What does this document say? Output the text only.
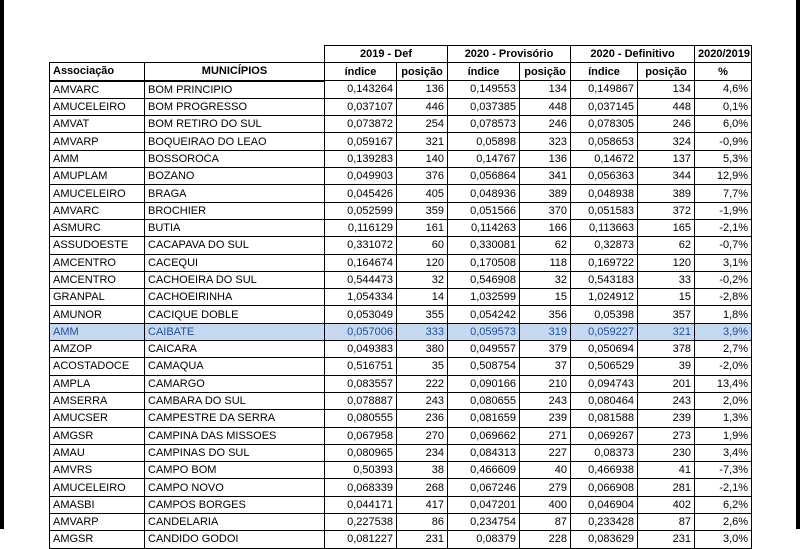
		2019 - Def		2020 - Provisório		2020 - Definitivo		2020/2019
Associação	MUNICÍPIOS	índice	posição	índice	posição	índice	posição	%
AMVARC	BOM PRINCIPIO	0,143264	136	0,149553	134	0,149867	134	4,6%
AMUCELEIRO	BOM PROGRESSO	0,037107	446	0,037385	448	0,037145	448	0,1%
AMVAT	BOM RETIRO DO SUL	0,073872	254	0,078573	246	0,078305	246	6,0%
AMVARP	BOQUEIRAO DO LEAO	0,059167	321	0,05898	323	0,058653	324	-0,9%
AMM	BOSSOROCA	0,139283	140	0,14767	136	0,14672	137	5,3%
AMUPLAM	BOZANO	0,049903	376	0,056864	341	0,056363	344	12,9%
AMUCELEIRO	BRAGA	0,045426	405	0,048936	389	0,048938	389	7,7%
AMVARC	BROCHIER	0,052599	359	0,051566	370	0,051583	372	-1,9%
ASMURC	BUTIA	0,116129	161	0,114263	166	0,113663	165	-2,1%
ASSUDOESTE	CACAPAVA DO SUL	0,331072	60	0,330081	62	0,32873	62	-0,7%
AMCENTRO	CACEQUI	0,164674	120	0,170508	118	0,169722	120	3,1%
AMCENTRO	CACHOEIRA DO SUL	0,544473	32	0,546908	32	0,543183	33	-0,2%
GRANPAL	CACHOEIRINHA	1,054334	14	1,032599	15	1,024912	15	-2,8%
AMUNOR	CACIQUE DOBLE	0,053049	355	0,054242	356	0,05398	357	1,8%
AMM	CAIBATE	0,057006	333	0,059573	319	0,059227	321	3,9%
AMZOP	CAICARA	0,049383	380	0,049557	379	0,050694	378	2,7%
ACOSTADOCE	CAMAQUA	0,516751	35	0,508754	37	0,506529	39	-2,0%
AMPLA	CAMARGO	0,083557	222	0,090166	210	0,094743	201	13,4%
AMSERRA	CAMBARA DO SUL	0,078887	243	0,080655	243	0,080464	243	2,0%
AMUCSER	CAMPESTRE DA SERRA	0,080555	236	0,081659	239	0,081588	239	1,3%
AMGSR	CAMPINA DAS MISSOES	0,067958	270	0,069662	271	0,069267	273	1,9%
AMAU	CAMPINAS DO SUL	0,080965	234	0,084313	227	0,08373	230	3,4%
AMVRS	CAMPO BOM	0,50393	38	0,466609	40	0,466938	41	-7,3%
AMUCELEIRO	CAMPO NOVO	0,068339	268	0,067246	279	0,066908	281	-2,1%
AMASBI	CAMPOS BORGES	0,044171	417	0,047201	400	0,046904	402	6,2%
AMVARP	CANDELARIA	0,227538	86	0,234754	87	0,233428	87	2,6%
AMGSR	CANDIDO GODOI	0,081227	231	0,08379	228	0,083629	231	3,0%
